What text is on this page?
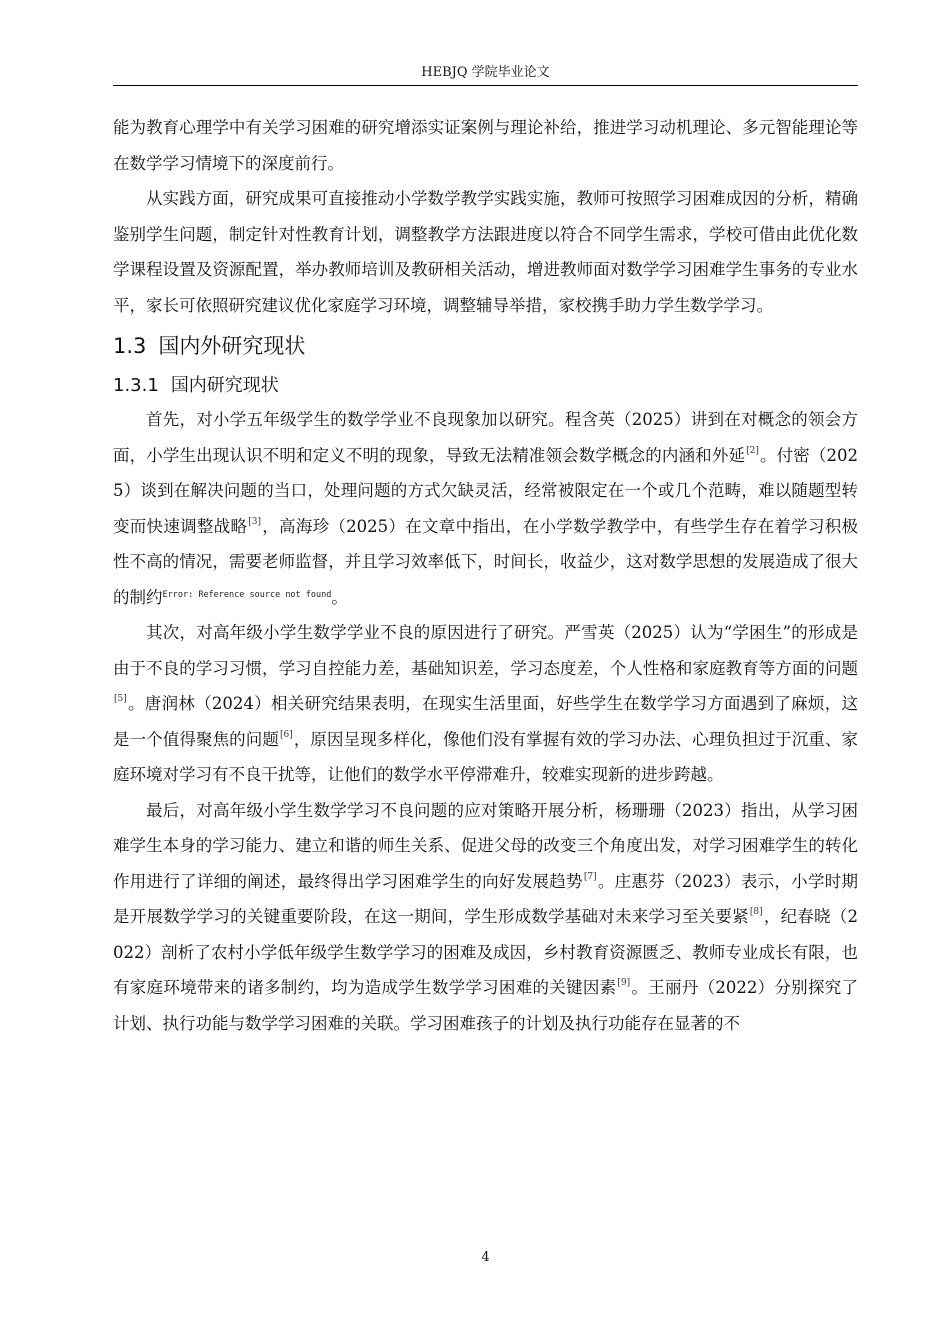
HEBJQ 学院毕业论文

能为教育心理学中有关学习困难的研究增添实证案例与理论补给，推进学习动机理论、多元智能理论等在数学学习情境下的深度前行。

从实践方面，研究成果可直接推动小学数学教学实践实施，教师可按照学习困难成因的分析，精确鉴别学生问题，制定针对性教育计划，调整教学方法跟进度以符合不同学生需求，学校可借由此优化数学课程设置及资源配置，举办教师培训及教研相关活动，增进教师面对数学学习困难学生事务的专业水平，家长可依照研究建议优化家庭学习环境，调整辅导举措，家校携手助力学生数学学习。

1.3 国内外研究现状
1.3.1 国内研究现状

首先，对小学五年级学生的数学学业不良现象加以研究。程含英（2025）讲到在对概念的领会方面，小学生出现认识不明和定义不明的现象，导致无法精准领会数学概念的内涵和外延[2]。付密（2025）谈到在解决问题的当口，处理问题的方式欠缺灵活，经常被限定在一个或几个范畴，难以随题型转变而快速调整战略[3]，高海珍（2025）在文章中指出，在小学数学教学中，有些学生存在着学习积极性不高的情况，需要老师监督，并且学习效率低下，时间长，收益少，这对数学思想的发展造成了很大的制约$^{Error: Reference source not found}$。

其次，对高年级小学生数学学业不良的原因进行了研究。严雪英（2025）认为“学困生”的形成是由于不良的学习习惯，学习自控能力差，基础知识差，学习态度差，个人性格和家庭教育等方面的问题[5]。唐润林（2024）相关研究结果表明，在现实生活里面，好些学生在数学学习方面遇到了麻烦，这是一个值得聚焦的问题[6]，原因呈现多样化，像他们没有掌握有效的学习办法、心理负担过于沉重、家庭环境对学习有不良干扰等，让他们的数学水平停滞难升，较难实现新的进步跨越。

最后，对高年级小学生数学学习不良问题的应对策略开展分析，杨珊珊（2023）指出，从学习困难学生本身的学习能力、建立和谐的师生关系、促进父母的改变三个角度出发，对学习困难学生的转化作用进行了详细的阐述，最终得出学习困难学生的向好发展趋势[7]。庄惠芬（2023）表示，小学时期是开展数学学习的关键重要阶段，在这一期间，学生形成数学基础对未来学习至关要紧[8]，纪春晓（2022）剖析了农村小学低年级学生数学学习的困难及成因，乡村教育资源匮乏、教师专业成长有限，也有家庭环境带来的诸多制约，均为造成学生数学学习困难的关键因素[9]。王丽丹（2022）分别探究了计划、执行功能与数学学习困难的关联。学习困难孩子的计划及执行功能存在显著的不

4
